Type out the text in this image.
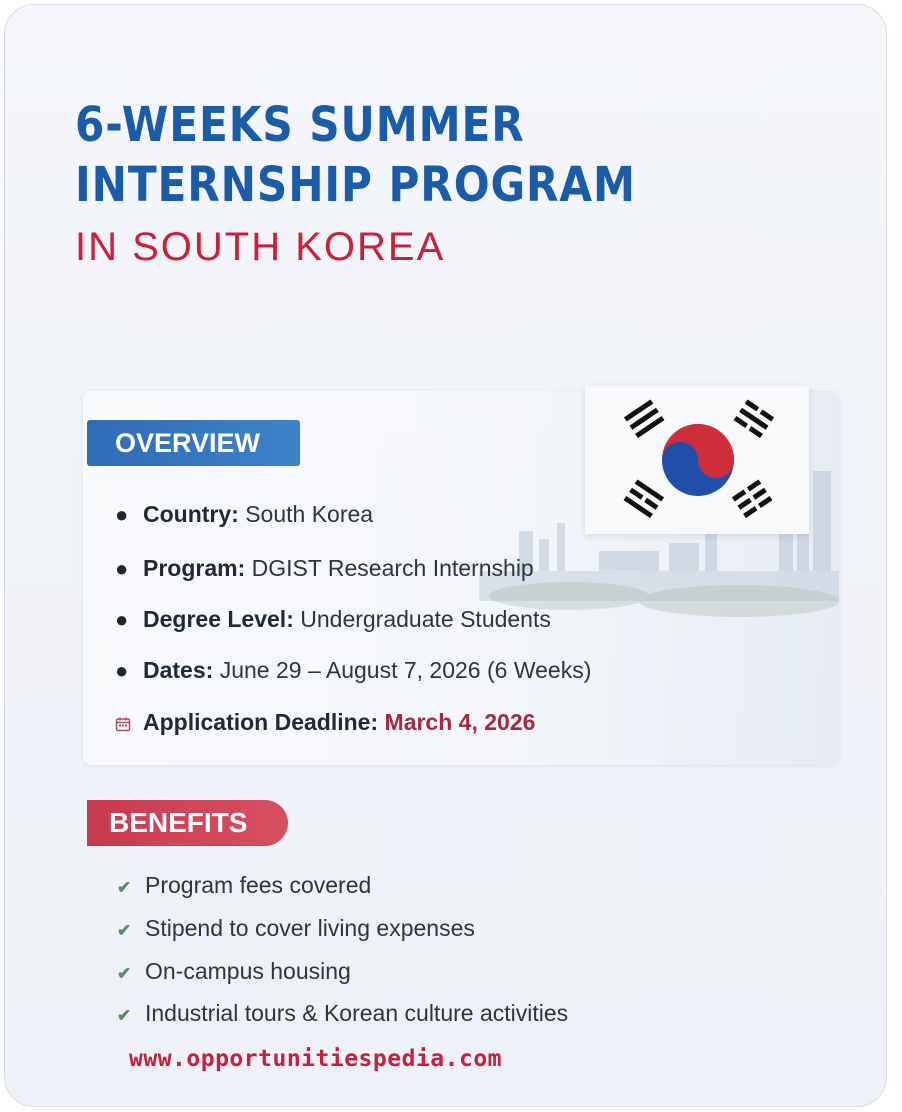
6-WEEKS SUMMER
INTERNSHIP PROGRAM
IN SOUTH KOREA
OVERVIEW
● Country: South Korea
● Program: DGIST Research Internship
● Degree Level: Undergraduate Students
● Dates: June 29 – August 7, 2026 (6 Weeks)
Application Deadline: March 4, 2026
BENEFITS
✔ Program fees covered
✔ Stipend to cover living expenses
✔ On-campus housing
✔ Industrial tours & Korean culture activities
www.opportunitiespedia.com
